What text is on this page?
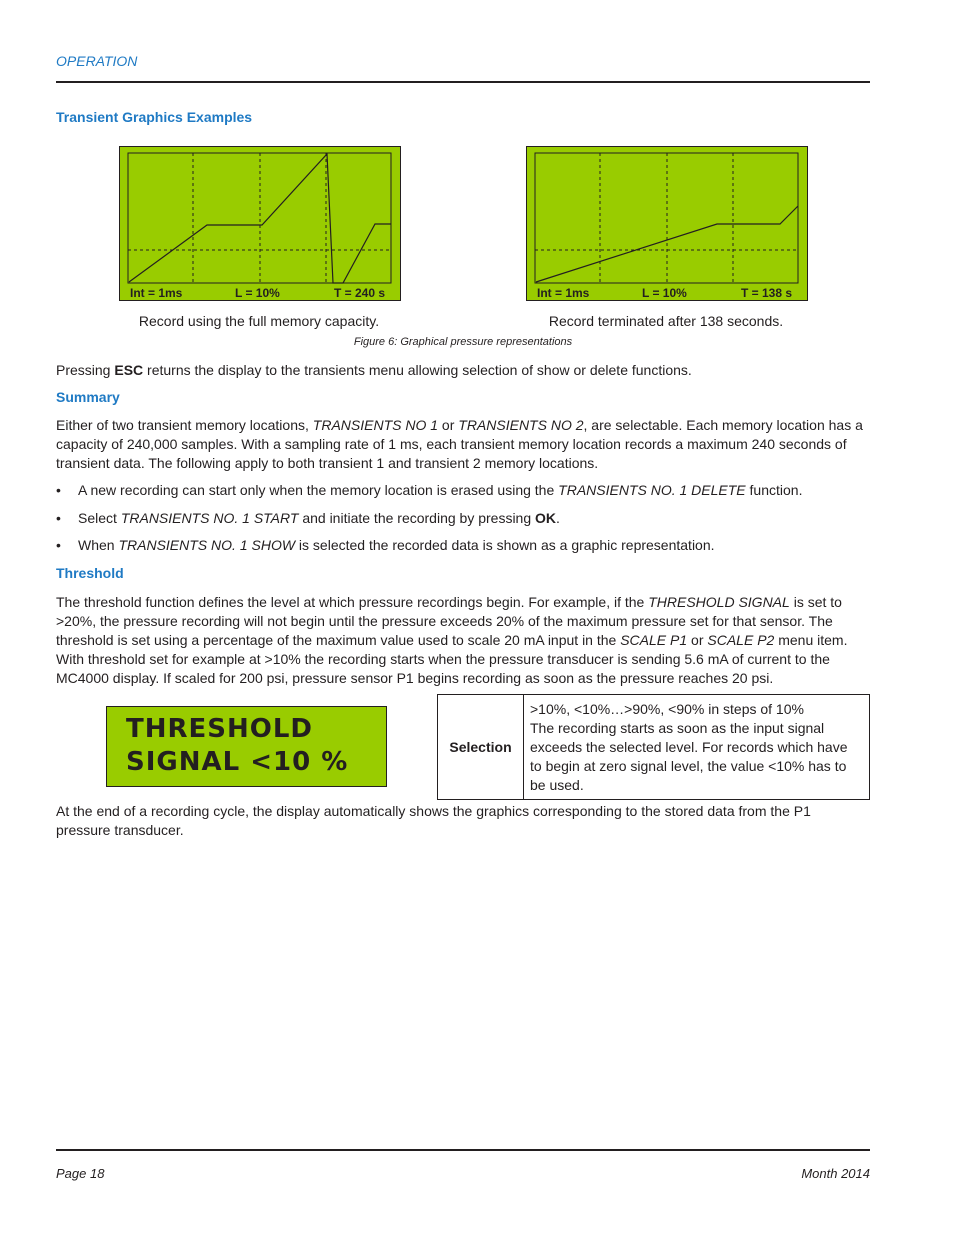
OPERATION
Transient Graphics Examples
Int = 1ms	L = 10%	T = 240 s
Record using the full memory capacity.
Int = 1ms	L = 10%	T = 138 s
Record terminated after 138 seconds.
Figure 6: Graphical pressure representations
Pressing ESC returns the display to the transients menu allowing selection of show or delete functions.
Summary
Either of two transient memory locations, TRANSIENTS NO 1 or TRANSIENTS NO 2, are selectable. Each memory location has a capacity of 240,000 samples. With a sampling rate of 1 ms, each transient memory location records a maximum 240 seconds of transient data. The following apply to both transient 1 and transient 2 memory locations.
• A new recording can start only when the memory location is erased using the TRANSIENTS NO. 1 DELETE function.
• Select TRANSIENTS NO. 1 START and initiate the recording by pressing OK.
• When TRANSIENTS NO. 1 SHOW is selected the recorded data is shown as a graphic representation.
Threshold
The threshold function defines the level at which pressure recordings begin. For example, if the THRESHOLD SIGNAL is set to >20%, the pressure recording will not begin until the pressure exceeds 20% of the maximum pressure set for that sensor. The threshold is set using a percentage of the maximum value used to scale 20 mA input in the SCALE P1 or SCALE P2 menu item. With threshold set for example at >10% the recording starts when the pressure transducer is sending 5.6 mA of current to the MC4000 display. If scaled for 200 psi, pressure sensor P1 begins recording as soon as the pressure reaches 20 psi.
THRESHOLD
SIGNAL <10 %
Selection	
>10%, <10%…>90%, <90% in steps of 10%
The recording starts as soon as the input signal exceeds the selected level. For records which have to begin at zero signal level, the value <10% has to be used.
At the end of a recording cycle, the display automatically shows the graphics corresponding to the stored data from the P1 pressure transducer.
Page 18	Month 2014
